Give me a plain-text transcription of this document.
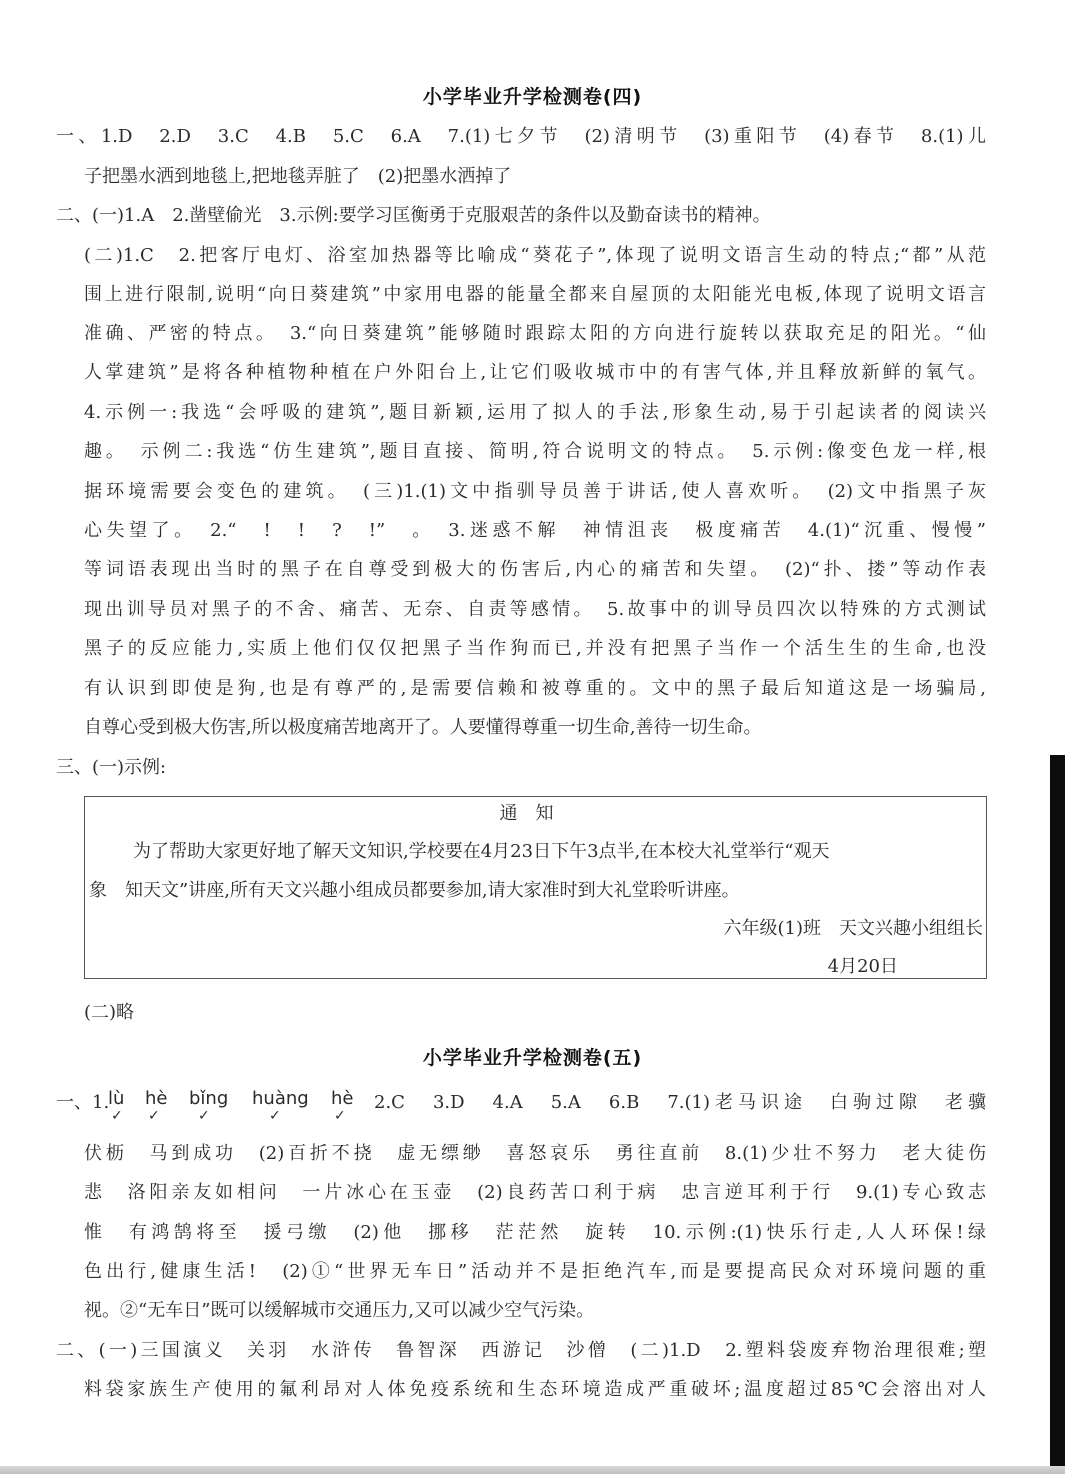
小学毕业升学检测卷(四)
一、1.D　2.D　3.C　4.B　5.C　6.A　7.(1)七夕节　(2)清明节　(3)重阳节　(4)春节　8.(1)儿
子把墨水洒到地毯上,把地毯弄脏了　(2)把墨水洒掉了
二、(一)1.A　2.凿壁偷光　3.示例:要学习匡衡勇于克服艰苦的条件以及勤奋读书的精神。
(二)1.C　2.把客厅电灯、浴室加热器等比喻成“葵花子”,体现了说明文语言生动的特点;“都”从范
围上进行限制,说明“向日葵建筑”中家用电器的能量全都来自屋顶的太阳能光电板,体现了说明文语言
准确、严密的特点。　3.“向日葵建筑”能够随时跟踪太阳的方向进行旋转以获取充足的阳光。“仙
人掌建筑”是将各种植物种植在户外阳台上,让它们吸收城市中的有害气体,并且释放新鲜的氧气。
4.示例一:我选“会呼吸的建筑”,题目新颖,运用了拟人的手法,形象生动,易于引起读者的阅读兴
趣。　示例二:我选“仿生建筑”,题目直接、简明,符合说明文的特点。　5.示例:像变色龙一样,根
据环境需要会变色的建筑。　(三)1.(1)文中指驯导员善于讲话,使人喜欢听。　(2)文中指黑子灰
心失望了。　2.“　!　!　?　!”　。　3.迷惑不解　神情沮丧　极度痛苦　4.(1)“沉重、慢慢”
等词语表现出当时的黑子在自尊受到极大的伤害后,内心的痛苦和失望。　(2)“扑、搂”等动作表
现出训导员对黑子的不舍、痛苦、无奈、自责等感情。　5.故事中的训导员四次以特殊的方式测试
黑子的反应能力,实质上他们仅仅把黑子当作狗而已,并没有把黑子当作一个活生生的生命,也没
有认识到即使是狗,也是有尊严的,是需要信赖和被尊重的。文中的黑子最后知道这是一场骗局,
自尊心受到极大伤害,所以极度痛苦地离开了。人要懂得尊重一切生命,善待一切生命。
三、(一)示例:
通知
为了帮助大家更好地了解天文知识,学校要在4月23日下午3点半,在本校大礼堂举行“观天
象　知天文”讲座,所有天文兴趣小组成员都要参加,请大家准时到大礼堂聆听讲座。
六年级(1)班　天文兴趣小组组长
4月20日
(二)略
小学毕业升学检测卷(五)
一、1.
lù
✓
hè
✓
bǐng
✓
huàng
✓
hè
✓
2.C　3.D　4.A　5.A　6.B　7.(1)老马识途　白驹过隙　老骥
伏枥　马到成功　(2)百折不挠　虚无缥缈　喜怒哀乐　勇往直前　8.(1)少壮不努力　老大徒伤
悲　洛阳亲友如相问　一片冰心在玉壶　(2)良药苦口利于病　忠言逆耳利于行　9.(1)专心致志
惟　有鸿鹄将至　援弓缴　(2)他　挪移　茫茫然　旋转　10.示例:(1)快乐行走,人人环保!绿
色出行,健康生活!　(2)①“世界无车日”活动并不是拒绝汽车,而是要提高民众对环境问题的重
视。②“无车日”既可以缓解城市交通压力,又可以减少空气污染。
二、(一)三国演义　关羽　水浒传　鲁智深　西游记　沙僧　(二)1.D　2.塑料袋废弃物治理很难;塑
料袋家族生产使用的氟利昂对人体免疫系统和生态环境造成严重破坏;温度超过85℃会溶出对人
